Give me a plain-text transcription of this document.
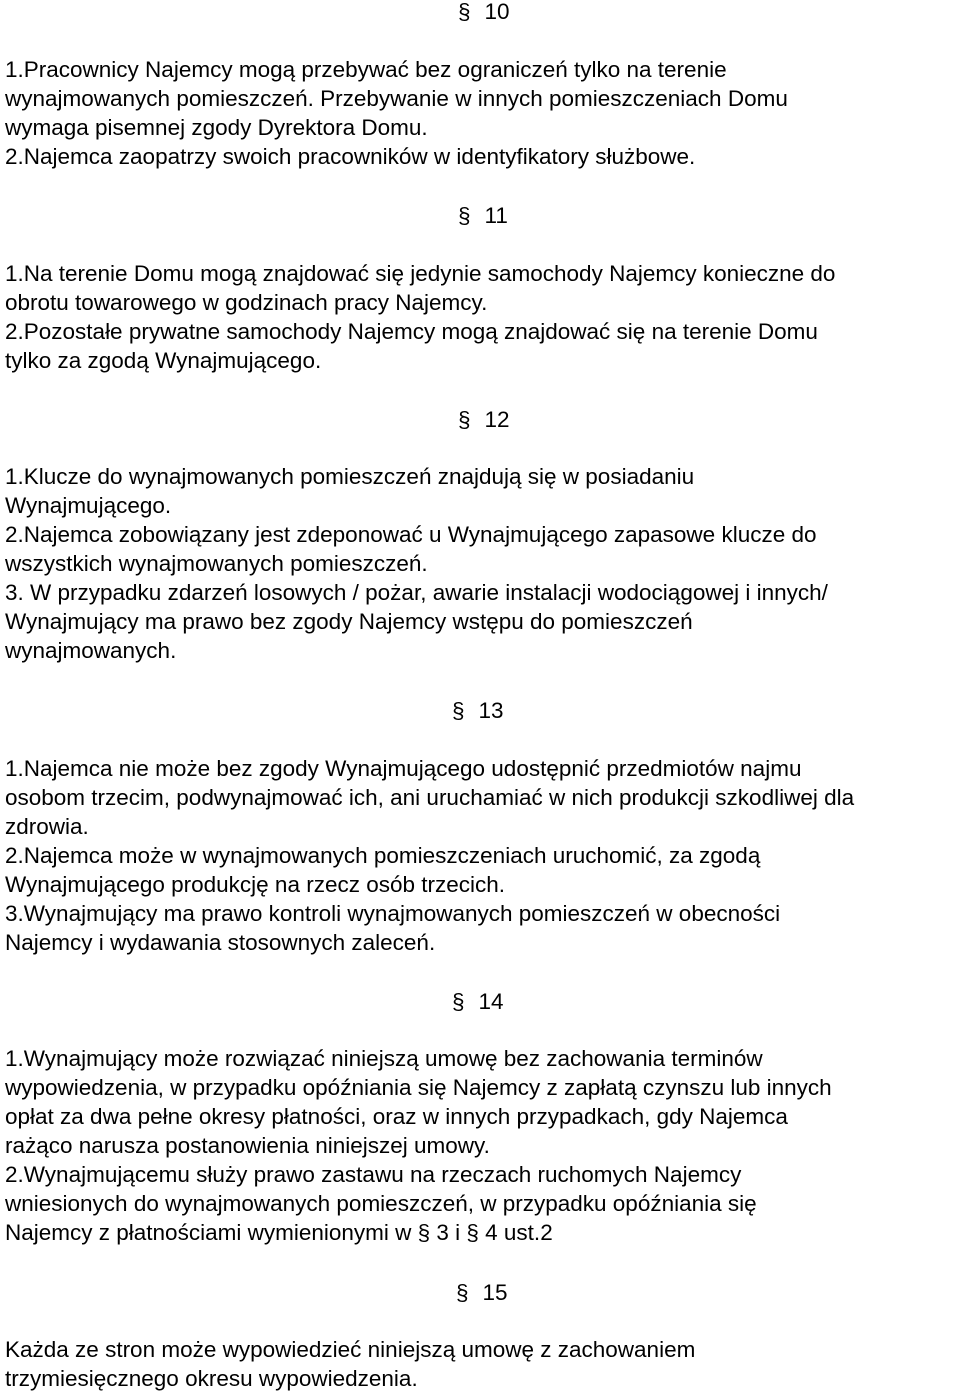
§ 10
1.Pracownicy Najemcy mogą przebywać bez ograniczeń tylko na terenie
wynajmowanych pomieszczeń. Przebywanie w innych pomieszczeniach Domu
wymaga pisemnej zgody Dyrektora Domu.
2.Najemca zaopatrzy swoich pracowników w identyfikatory służbowe.
§ 11
1.Na terenie Domu mogą znajdować się jedynie samochody Najemcy konieczne do
obrotu towarowego w godzinach pracy Najemcy.
2.Pozostałe prywatne samochody Najemcy mogą znajdować się na terenie Domu
tylko za zgodą Wynajmującego.
§ 12
1.Klucze do wynajmowanych pomieszczeń znajdują się w posiadaniu
Wynajmującego.
2.Najemca zobowiązany jest zdeponować u Wynajmującego zapasowe klucze do
wszystkich wynajmowanych pomieszczeń.
3. W przypadku zdarzeń losowych / pożar, awarie instalacji wodociągowej i innych/
Wynajmujący ma prawo bez zgody Najemcy wstępu do pomieszczeń
wynajmowanych.
§ 13
1.Najemca nie może bez zgody Wynajmującego udostępnić przedmiotów najmu
osobom trzecim, podwynajmować ich, ani uruchamiać w nich produkcji szkodliwej dla
zdrowia.
2.Najemca może w wynajmowanych pomieszczeniach uruchomić, za zgodą
Wynajmującego produkcję na rzecz osób trzecich.
3.Wynajmujący ma prawo kontroli wynajmowanych pomieszczeń w obecności
Najemcy i wydawania stosownych zaleceń.
§ 14
1.Wynajmujący może rozwiązać niniejszą umowę bez zachowania terminów
wypowiedzenia, w przypadku opóźniania się Najemcy z zapłatą czynszu lub innych
opłat za dwa pełne okresy płatności, oraz w innych przypadkach, gdy Najemca
rażąco narusza postanowienia niniejszej umowy.
2.Wynajmującemu służy prawo zastawu na rzeczach ruchomych Najemcy
wniesionych do wynajmowanych pomieszczeń, w przypadku opóźniania się
Najemcy z płatnościami wymienionymi w § 3 i § 4 ust.2
§ 15
Każda ze stron może wypowiedzieć niniejszą umowę z zachowaniem
trzymiesięcznego okresu wypowiedzenia.
